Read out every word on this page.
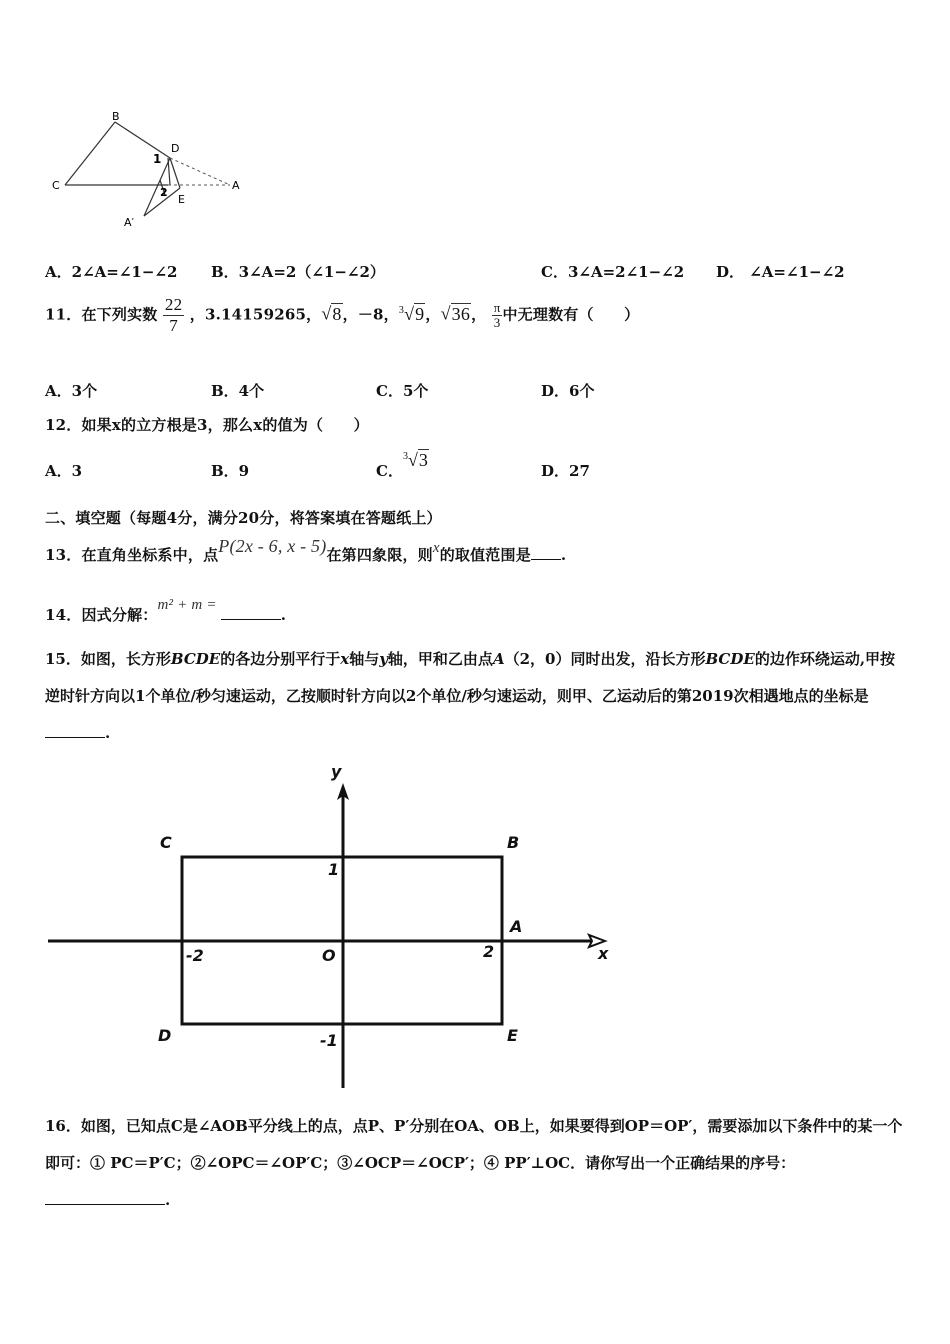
B
C
D
A
E
A′
1
2
A．2∠A=∠1−∠2 B．3∠A=2（∠1−∠2）	C．3∠A=2∠1−∠2 D． ∠A=∠1−∠2
11．在下列实数 $\frac{22}{7}$ ，3.14159265，√8，－8，$^3$√9，√36， $\frac{\pi}{3}$ 中无理数有（　　）
A．3个	B．4个	C．5个	D．6个
12．如果x的立方根是3，那么x的值为（　　）
A．3	B．9	C．$^3$√3
D．27
二、填空题（每题4分，满分20分，将答案填在答题纸上）
13．在直角坐标系中，点P(2x - 6, x - 5)在第四象限，则x的取值范围是 .
14．因式分解：m² + m =.
15．如图，长方形BCDE的各边分别平行于x轴与y轴，甲和乙由点A（2，0）同时出发，沿长方形BCDE的边作环绕运动,甲按逆时针方向以1个单位/秒匀速运动，乙按顺时针方向以2个单位/秒匀速运动，则甲、乙运动后的第2019次相遇地点的坐标是.
y
x
C	B
D	E
A
O
1
-1
2
-2
16．如图，已知点C是∠AOB平分线上的点，点P、P′分别在OA、OB上，如果要得到OP＝OP′，需要添加以下条件中的某一个即可：① PC＝P′C；②∠OPC＝∠OP′C；③∠OCP＝∠OCP′；④ PP′⊥OC．请你写出一个正确结果的序号：.
